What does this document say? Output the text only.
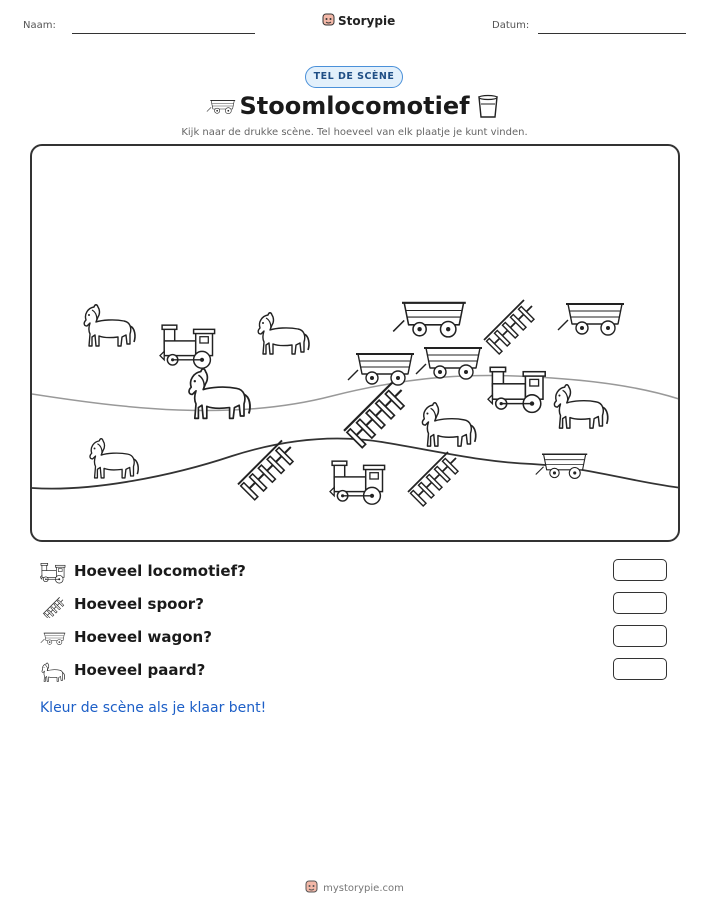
Naam:	Storypie	Datum:
TEL DE SCÈNE
Stoomlocomotief
Kijk naar de drukke scène. Tel hoeveel van elk plaatje je kunt vinden.
Hoeveel locomotief?
Hoeveel spoor?
Hoeveel wagon?
Hoeveel paard?
Kleur de scène als je klaar bent!
mystorypie.com
